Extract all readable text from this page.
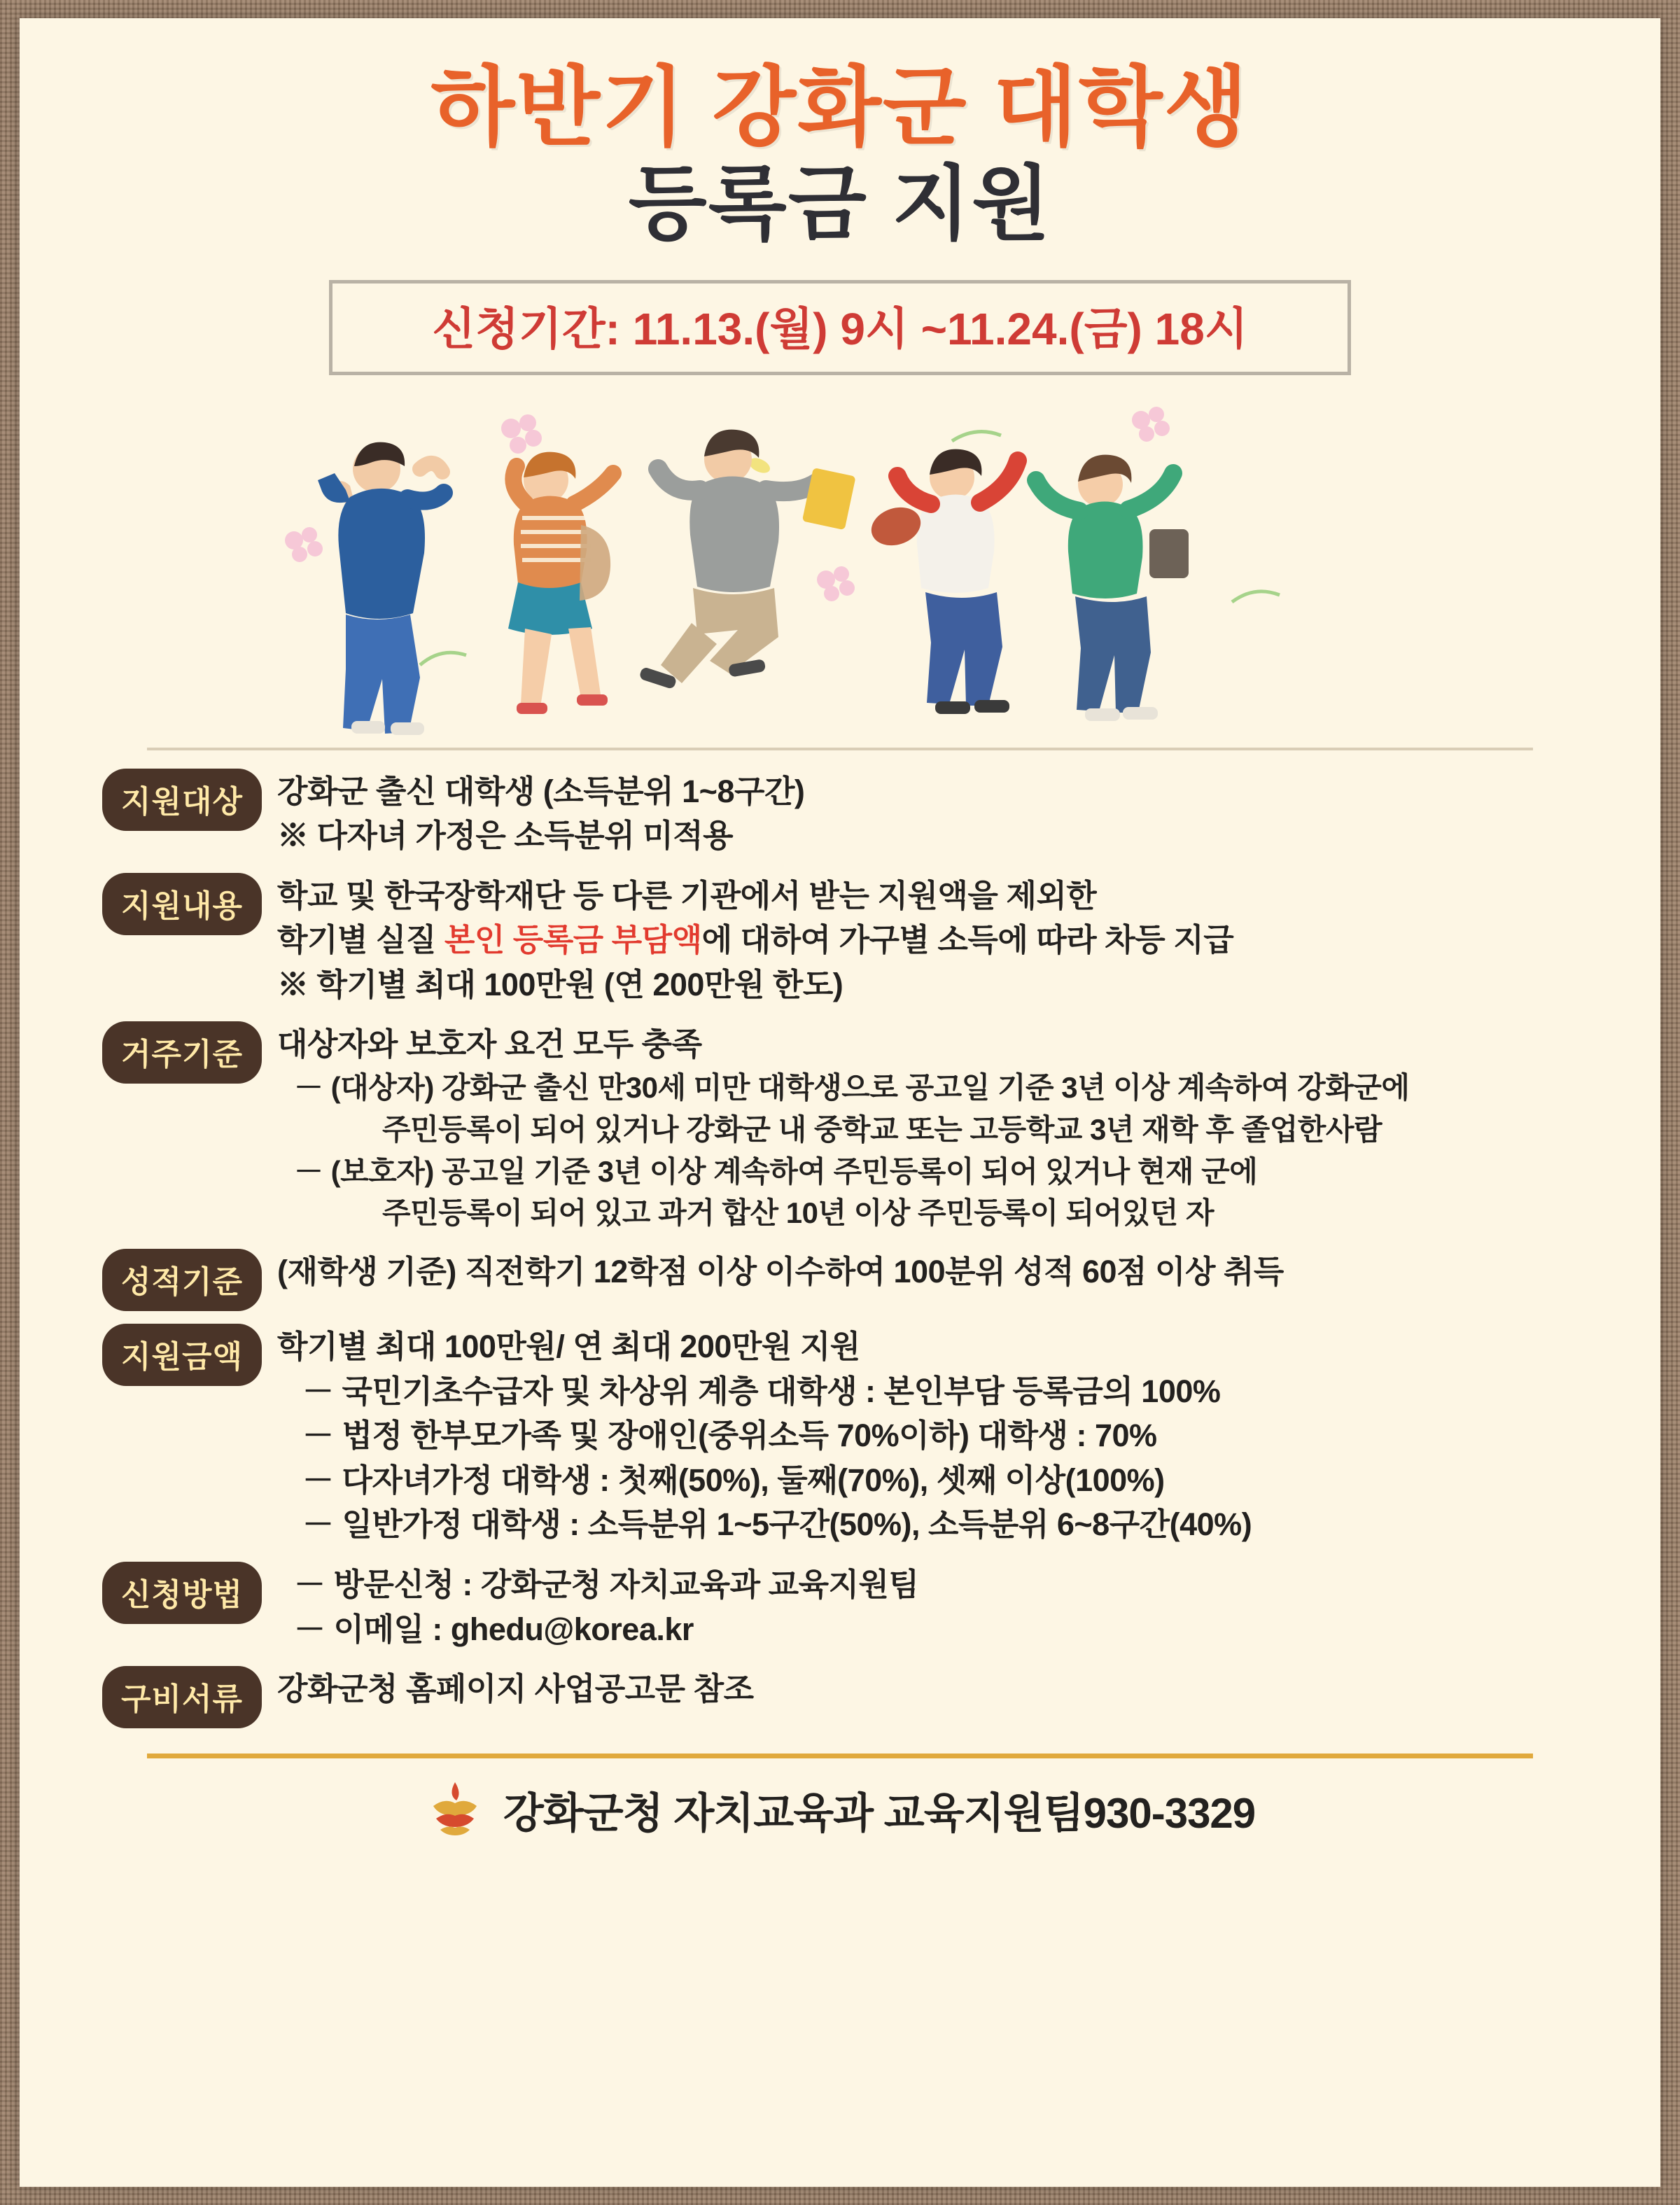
하반기 강화군 대학생
등록금 지원
신청기간: 11.13.(월) 9시 ~11.24.(금) 18시
지원대상	강화군 출신 대학생 (소득분위 1~8구간)

※ 다자녀 가정은 소득분위 미적용

지원내용	학교 및 한국장학재단 등 다른 기관에서 받는 지원액을 제외한

학기별 실질 본인 등록금 부담액에 대하여 가구별 소득에 따라 차등 지급

※ 학기별 최대 100만원 (연 200만원 한도)

거주기준	대상자와 보호자 요건 모두 충족

－ (대상자) 강화군 출신 만30세 미만 대학생으로 공고일 기준 3년 이상 계속하여 강화군에

주민등록이 되어 있거나 강화군 내 중학교 또는 고등학교 3년 재학 후 졸업한사람

－ (보호자) 공고일 기준 3년 이상 계속하여 주민등록이 되어 있거나 현재 군에

주민등록이 되어 있고 과거 합산 10년 이상 주민등록이 되어있던 자

성적기준	(재학생 기준) 직전학기 12학점 이상 이수하여 100분위 성적 60점 이상 취득

지원금액	학기별 최대 100만원/ 연 최대 200만원 지원

－ 국민기초수급자 및 차상위 계층 대학생 : 본인부담 등록금의 100%

－ 법정 한부모가족 및 장애인(중위소득 70%이하) 대학생 : 70%

－ 다자녀가정 대학생 : 첫째(50%), 둘째(70%), 셋째 이상(100%)

－ 일반가정 대학생 : 소득분위 1~5구간(50%), 소득분위 6~8구간(40%)

신청방법	－ 방문신청 : 강화군청 자치교육과 교육지원팀

－ 이메일 : ghedu@korea.kr

구비서류	강화군청 홈페이지 사업공고문 참조

강화군청 자치교육과 교육지원팀930-3329
